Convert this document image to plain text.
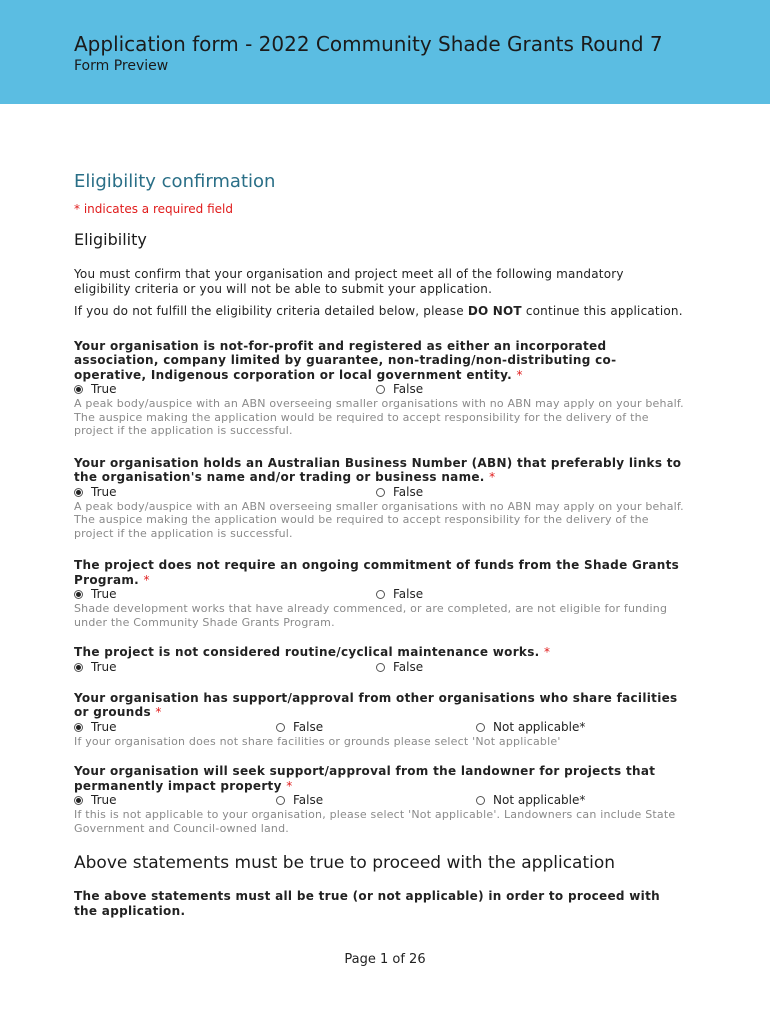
Application form - 2022 Community Shade Grants Round 7
Form Preview
Eligibility confirmation
* indicates a required field
Eligibility
You must confirm that your organisation and project meet all of the following mandatory eligibility criteria or you will not be able to submit your application.
If you do not fulfill the eligibility criteria detailed below, please DO NOT continue this application.
Your organisation is not-for-profit and registered as either an incorporated association, company limited by guarantee, non-trading/non-distributing co-operative, Indigenous corporation or local government entity. *
True	False
A peak body/auspice with an ABN overseeing smaller organisations with no ABN may apply on your behalf. The auspice making the application would be required to accept responsibility for the delivery of the project if the application is successful.
Your organisation holds an Australian Business Number (ABN) that preferably links to the organisation's name and/or trading or business name. *
True	False
A peak body/auspice with an ABN overseeing smaller organisations with no ABN may apply on your behalf. The auspice making the application would be required to accept responsibility for the delivery of the project if the application is successful.
The project does not require an ongoing commitment of funds from the Shade Grants Program. *
True	False
Shade development works that have already commenced, or are completed, are not eligible for funding under the Community Shade Grants Program.
The project is not considered routine/cyclical maintenance works. *
True	False
Your organisation has support/approval from other organisations who share facilities or grounds *
True	False	Not applicable*
If your organisation does not share facilities or grounds please select 'Not applicable'
Your organisation will seek support/approval from the landowner for projects that permanently impact property *
True	False	Not applicable*
If this is not applicable to your organisation, please select 'Not applicable'. Landowners can include State Government and Council-owned land.
Above statements must be true to proceed with the application
The above statements must all be true (or not applicable) in order to proceed with the application.
Page 1 of 26
